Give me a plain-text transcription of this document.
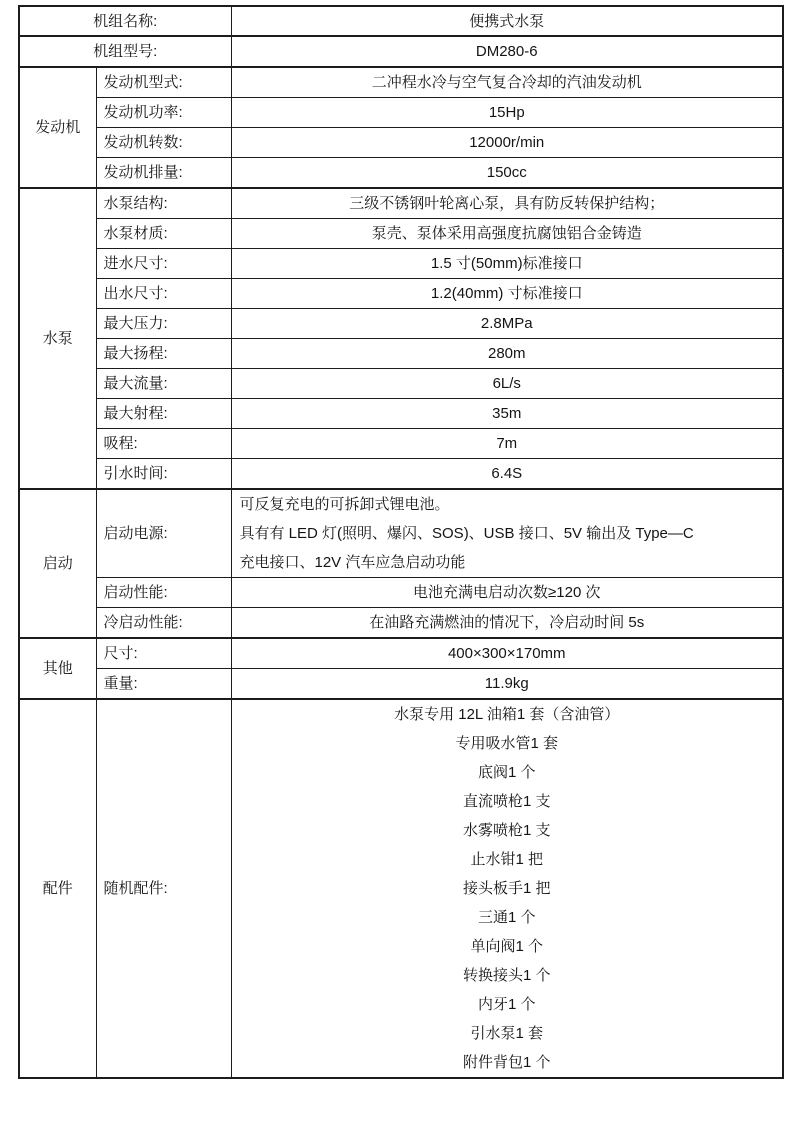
机组名称:		便携式水泵
机组型号:		DM280-6
发动机	发动机型式:	二冲程水冷与空气复合冷却的汽油发动机
	发动机功率:	15Hp
	发动机转数:	12000r/min
	发动机排量:	150cc
水泵	水泵结构:	三级不锈钢叶轮离心泵，具有防反转保护结构；
	水泵材质:	泵壳、泵体采用高强度抗腐蚀铝合金铸造
	进水尺寸:	1.5 寸(50mm)标准接口
	出水尺寸:	1.2(40mm) 寸标准接口
	最大压力:	2.8MPa
	最大扬程:	280m
	最大流量:	6L/s
	最大射程:	35m
	吸程:	7m
	引水时间:	6.4S
启动	启动电源:	可反复充电的可拆卸式锂电池。
具有有 LED 灯(照明、爆闪、SOS)、USB 接口、5V 输出及 Type—C
充电接口、12V 汽车应急启动功能

	启动性能:	电池充满电启动次数≥120 次
	冷启动性能:	在油路充满燃油的情况下，冷启动时间 5s
其他	尺寸:	400×300×170mm
	重量:	11.9kg
配件	随机配件:	
水泵专用 12L 油箱1 套（含油管）
专用吸水管1 套
底阀1 个
直流喷枪1 支
水雾喷枪1 支
止水钳1 把
接头板手1 把
三通1 个
单向阀1 个
转换接头1 个
内牙1 个
引水泵1 套
附件背包1 个
